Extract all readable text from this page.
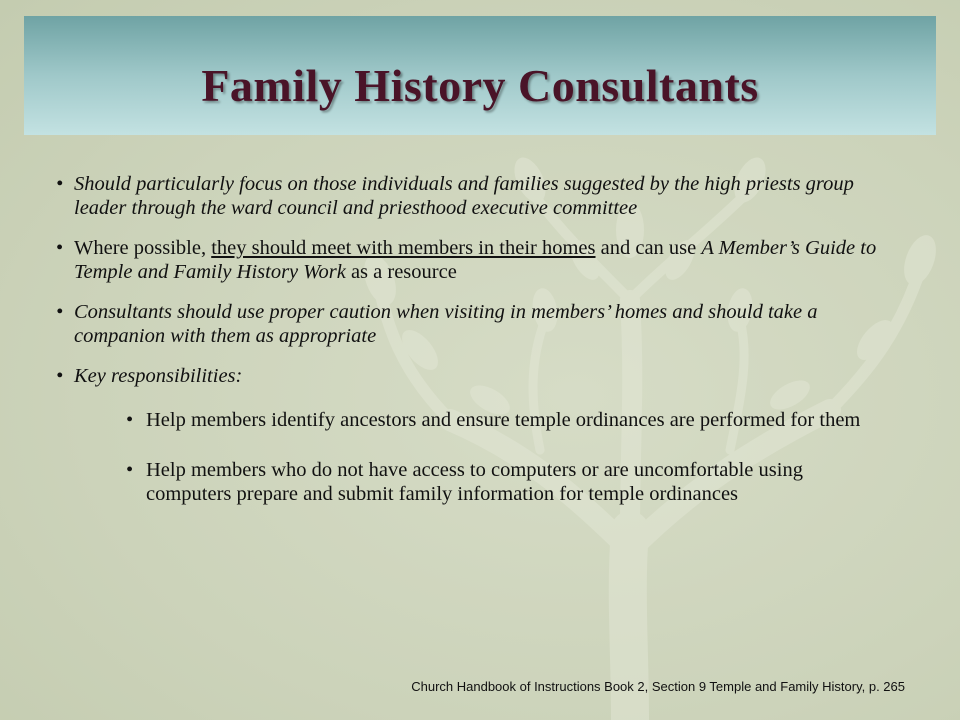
Family History Consultants
• Should particularly focus on those individuals and families suggested by the high priests group leader through the ward council and priesthood executive committee
• Where possible, they should meet with members in their homes and can use A Member’s Guide to Temple and Family History Work as a resource
• Consultants should use proper caution when visiting in members’ homes and should take a companion with them as appropriate
• Key responsibilities:
• Help members identify ancestors and ensure temple ordinances are performed for them
• Help members who do not have access to computers or are uncomfortable using computers prepare and submit family information for temple ordinances
Church Handbook of Instructions Book 2, Section 9 Temple and Family History, p. 265
